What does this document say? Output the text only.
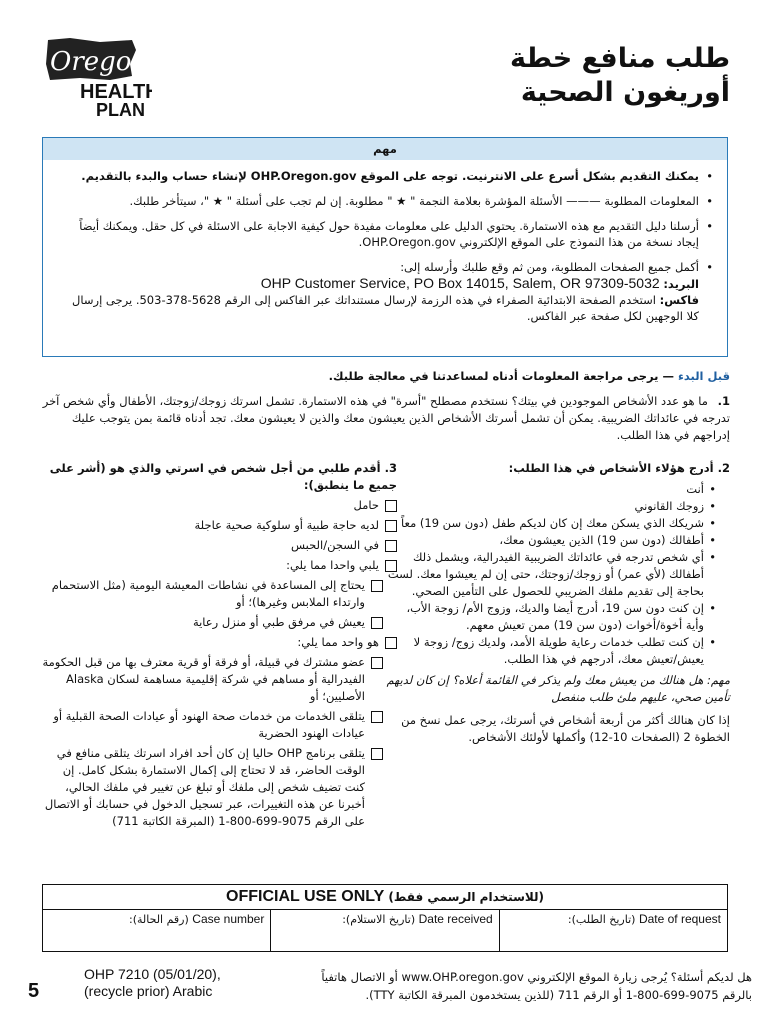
Oregon
HEALTH
PLAN
طلب منافع خطة
أوريغون الصحية
مهم
• يمكنك التقديم بشكل أسرع على الانترنيت. توجه على الموقع OHP.Oregon.gov لإنشاء حساب والبدء بالتقديم.
• المعلومات المطلوبة ——— الأسئلة المؤشرة بعلامة النجمة " ★ " مطلوبة. إن لم تجب على أسئلة " ★ "، سيتأخر طلبك.
• أرسلنا دليل التقديم مع هذه الاستمارة. يحتوي الدليل على معلومات مفيدة حول كيفية الاجابة على الاسئلة في كل حقل. ويمكنك أيضاً إيجاد نسخة من هذا النموذج على الموقع الإلكتروني OHP.Oregon.gov.
• أكمل جميع الصفحات المطلوبة، ومن ثم وقع طلبك وأرسله إلى:
البريد: OHP Customer Service, PO Box 14015, Salem, OR 97309-5032
فاكس: استخدم الصفحة الابتدائية الصفراء في هذه الرزمة لإرسال مستنداتك عبر الفاكس إلى الرقم 5628-378-503. يرجى إرسال كلا الوجهين لكل صفحة عبر الفاكس.
قبل البدء — يرجى مراجعة المعلومات أدناه لمساعدتنا في معالجة طلبك.
1. ما هو عدد الأشخاص الموجودين في بيتك؟ نستخدم مصطلح "أسرة" في هذه الاستمارة. تشمل اسرتك زوجك/زوجتك، الأطفال وأي شخص آخر تدرجه في عائداتك الضريبية. يمكن أن تشمل أسرتك الأشخاص الذين يعيشون معك والذين لا يعيشون معك. تجد أدناه قائمة بمن يتوجب عليك إدراجهم في هذا الطلب.
2. أدرج هؤلاء الأشخاص في هذا الطلب:
• أنت
• زوجك القانوني
• شريكك الذي يسكن معك إن كان لديكم طفل (دون سن 19) معاً
• أطفالك (دون سن 19) الذين يعيشون معك،
• أي شخص تدرجه في عائداتك الضريبية الفيدرالية، ويشمل ذلك أطفالك (لأي عمر) أو زوجك/زوجتك، حتى إن لم يعيشوا معك. لست بحاجة إلى تقديم ملفك الضريبي للحصول على التأمين الصحي.
• إن كنت دون سن 19، أدرج أيضا والديك، وزوج الأم/ زوجة الأب، وأية أخوة/أخوات (دون سن 19) ممن تعيش معهم.
• إن كنت تطلب خدمات رعاية طويلة الأمد، ولديك زوج/ زوجة لا يعيش/تعيش معك، أدرجهم في هذا الطلب.
مهم: هل هنالك من يعيش معك ولم يذكر في القائمة أعلاه؟ إن كان لديهم تأمين صحي، عليهم ملئ طلب منفصل
إذا كان هنالك أكثر من أربعة أشخاص في أسرتك، يرجى عمل نسخ من الخطوة 2 (الصفحات 10-12) وأكملها لأولئك الأشخاص.
3. أقدم طلبي من أجل شخص في اسرتي والذي هو (أشر على جميع ما ينطبق):
حامل
لديه حاجة طبية أو سلوكية صحية عاجلة
في السجن/الحبس
يلبي واحدا مما يلي:
يحتاج إلى المساعدة في نشاطات المعيشة اليومية (مثل الاستحمام وارتداء الملابس وغيرها)؛ أو
يعيش في مرفق طبي أو منزل رعاية
هو واحد مما يلي:
عضو مشترك في قبيلة، أو فرقة أو قرية معترف بها من قبل الحكومة الفيدرالية أو مساهم في شركة إقليمية مساهمة لسكان Alaska الأصليين؛ أو
يتلقى الخدمات من خدمات صحة الهنود أو عيادات الصحة القبلية أو عيادات الهنود الحضرية
يتلقى برنامج OHP حاليا إن كان أحد افراد اسرتك يتلقى منافع في الوقت الحاضر، قد لا تحتاج إلى إكمال الاستمارة بشكل كامل. إن كنت تضيف شخص إلى ملفك أو تبلغ عن تغيير في ملفك الحالي، أخبرنا عن هذه التغييرات، عبر تسجيل الدخول في حسابك أو الاتصال على الرقم 9075-699-800-1 (المبرقة الكاتبة 711)
OFFICIAL USE ONLY (للاستخدام الرسمي فقط)
Date of request (تاريخ الطلب):
Date received (تاريخ الاستلام):
Case number (رقم الحالة):
هل لديكم أسئلة؟ يُرجى زيارة الموقع الإلكتروني www.OHP.oregon.gov أو الاتصال هاتفياً بالرقم 9075-699-800-1 أو الرقم 711 (للذين يستخدمون المبرقة الكاتبة TTY).
OHP 7210 (05/01/20),
(recycle prior) Arabic
5
